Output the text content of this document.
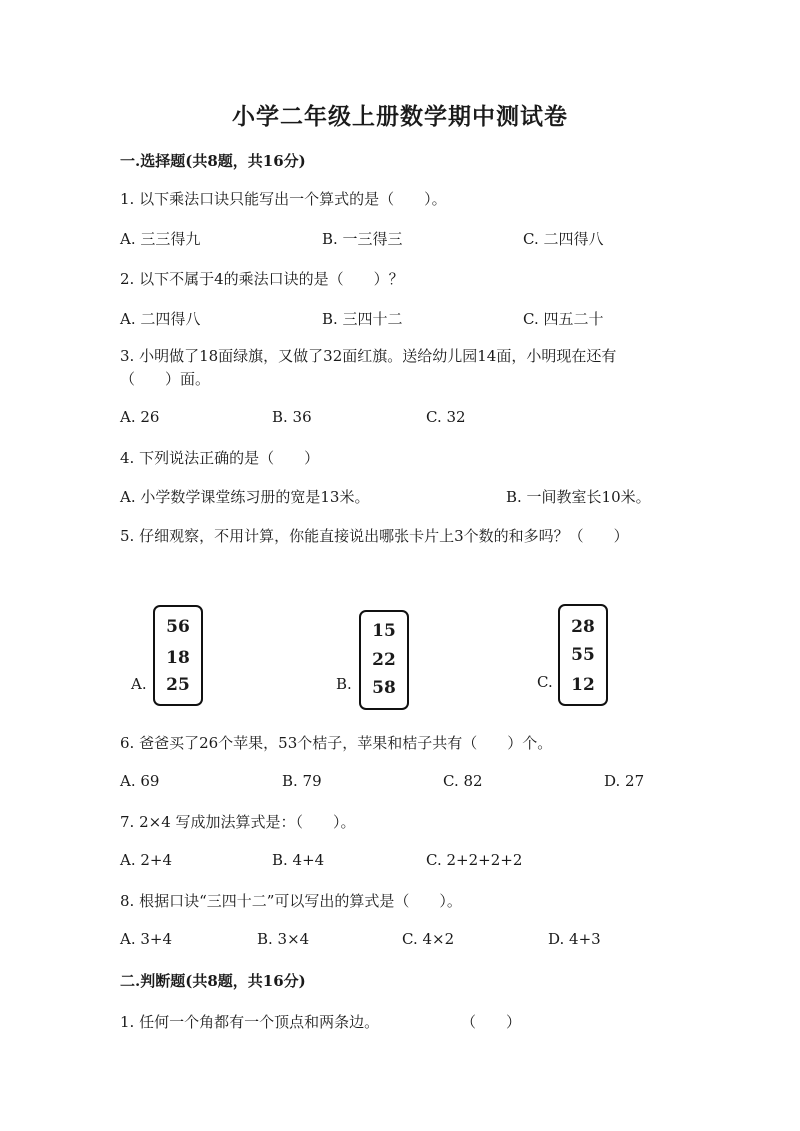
小学二年级上册数学期中测试卷
一.选择题(共8题，共16分)
1. 以下乘法口诀只能写出一个算式的是（　　）。
A. 三三得九	B. 一三得三	C. 二四得八
2. 以下不属于4的乘法口诀的是（　　）？
A. 二四得八	B. 三四十二	C. 四五二十
3. 小明做了18面绿旗，又做了32面红旗。送给幼儿园14面，小明现在还有
（　　）面。
A. 26	B. 36	C. 32
4. 下列说法正确的是（　　）
A. 小学数学课堂练习册的宽是13米。	B. 一间教室长10米。
5. 仔细观察，不用计算，你能直接说出哪张卡片上3个数的和多吗？（　　）
A.
56
18
25	B.
15
22
58	C.
28
55
12
6. 爸爸买了26个苹果，53个桔子，苹果和桔子共有（　　）个。
A. 69	B. 79	C. 82	D. 27
7. 2×4 写成加法算式是：（　　）。
A. 2+4	B. 4+4	C. 2+2+2+2
8. 根据口诀“三四十二”可以写出的算式是（　　）。
A. 3+4	B. 3×4	C. 4×2	D. 4+3
二.判断题(共8题，共16分)
1. 任何一个角都有一个顶点和两条边。	（　　）
